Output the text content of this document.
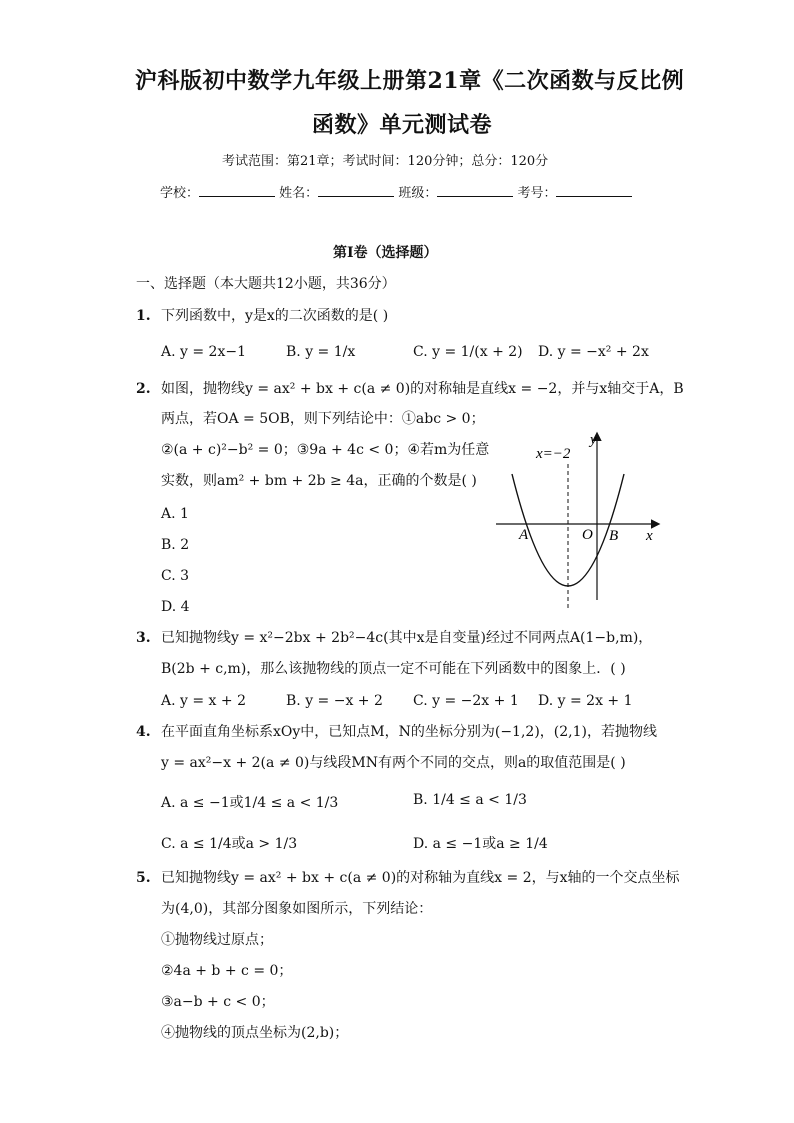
沪科版初中数学九年级上册第21章《二次函数与反比例
函数》单元测试卷
考试范围：第21章；考试时间：120分钟；总分：120分
学校：	姓名：	班级：	考号：
第I卷（选择题）
一、选择题（本大题共12小题，共36分）
1. 下列函数中，y是x的二次函数的是( )
A. y = 2x−1	B. y = 1/x	C. y = 1/(x + 2) D. y = −x² + 2x
2. 如图，抛物线y = ax² + bx + c(a ≠ 0)的对称轴是直线x = −2，并与x轴交于A，B
两点，若OA = 5OB，则下列结论中：①abc > 0；
②(a + c)²−b² = 0；③9a + 4c < 0；④若m为任意
实数，则am² + bm + 2b ≥ 4a，正确的个数是( )
A. 1
B. 2
C. 3
D. 4
x=−2
y
x
A	O B
3. 已知抛物线y = x²−2bx + 2b²−4c(其中x是自变量)经过不同两点A(1−b,m)，
B(2b + c,m)，那么该抛物线的顶点一定不可能在下列函数中的图象上．( )
A. y = x + 2	B. y = −x + 2 C. y = −2x + 1 D. y = 2x + 1
4. 在平面直角坐标系xOy中，已知点M，N的坐标分别为(−1,2)，(2,1)，若抛物线
y = ax²−x + 2(a ≠ 0)与线段MN有两个不同的交点，则a的取值范围是( )
A. a ≤ −1或1/4 ≤ a < 1/3	B. 1/4 ≤ a < 1/3
C. a ≤ 1/4或a > 1/3	D. a ≤ −1或a ≥ 1/4
5. 已知抛物线y = ax² + bx + c(a ≠ 0)的对称轴为直线x = 2，与x轴的一个交点坐标
为(4,0)，其部分图象如图所示，下列结论：
①抛物线过原点；
②4a + b + c = 0；
③a−b + c < 0；
④抛物线的顶点坐标为(2,b)；
